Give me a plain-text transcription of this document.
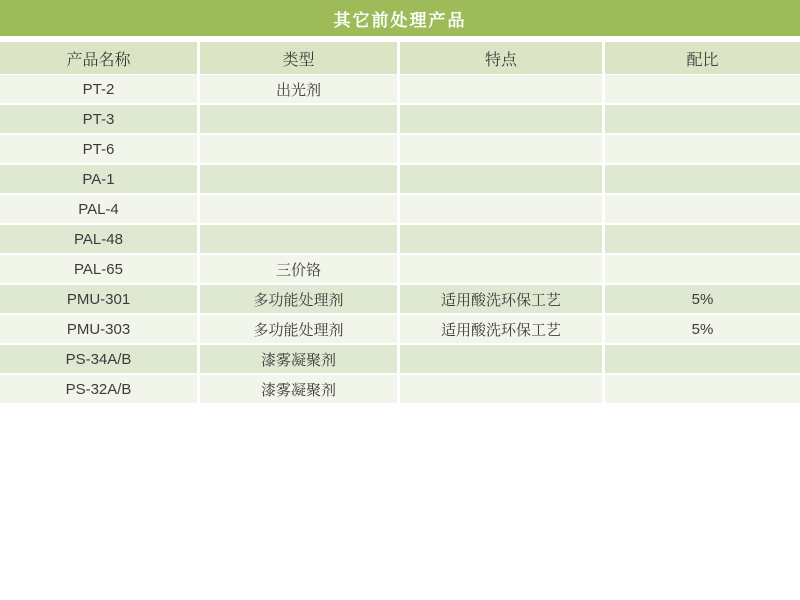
其它前处理产品
产品名称	类型	特点	配比
PT-2	出光剂
PT-3
PT-6
PA-1
PAL-4
PAL-48
PAL-65	三价铬
PMU-301	多功能处理剂	适用酸洗环保工艺	5%
PMU-303	多功能处理剂	适用酸洗环保工艺	5%
PS-34A/B	漆雾凝聚剂
PS-32A/B	漆雾凝聚剂
